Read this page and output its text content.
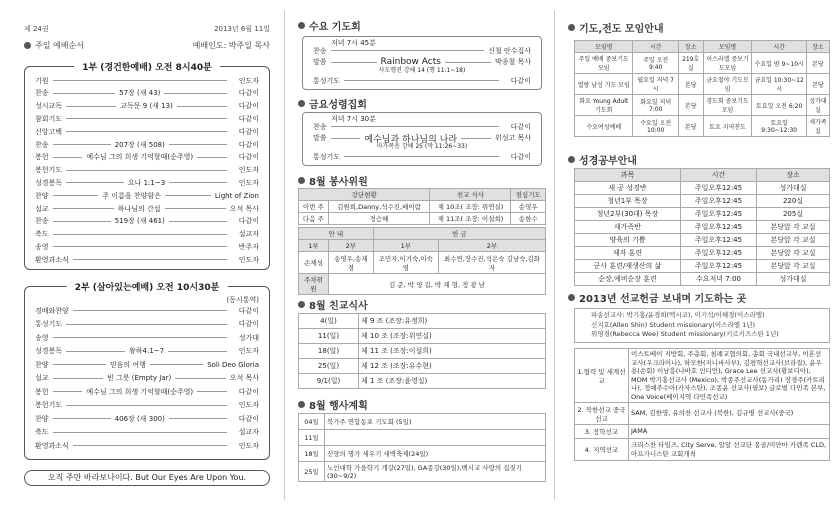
제 24권	2013년 6월 11일
주일 예배순서	예배인도: 박주일 목사
1부 (경건한예배) 오전 8시40분
기원	인도자
찬송	57장 (새 43)	다같이
성시교독	교독문 9 (새 13)	다같이
참회기도	다같이
신앙고백	다같이
찬송	207장 (새 508)	다같이
봉헌	예수님 그의 희생 기억할때(순주영)	다같이
봉헌기도	인도자
성경봉독	요나 1:1~3	인도자
찬양	주 이름을 찬양함은	Light of Zion
설교	하나님의 간섭	오석 목사
찬송	519장 (새 461)	다같이
축도	설교자
송영	반주자
환영과소식	인도자
2부 (살아있는예배) 오전 10시30분
(동시통역)
경배와찬양	다같이
통성기도	다같이
송영	성가대
성경봉독	왕하4:1~7	인도자
찬양	믿음의 여행	Soli Deo Gloria
설교	빈 그릇 (Empty Jar)	오석 목사
봉헌	예수님 그의 희생 기억할때(순주영)	다같이
봉헌기도	인도자
찬양	406장 (새 300)	다같이
축도	설교자
환영과소식	인도자
오직 주만 바라보나이다. But Our Eyes Are Upon You.
수요 기도회
저녁 7시 45분
찬송	신철 안수집사
말씀	Rainbow Acts	박종철 목사
사도행전 강해 14 (행 11:1~18)
통성기도	다같이
금요성령집회
저녁 7시 30분
찬송	다같이
말씀	예수님과 하나님의 나라	위성고 목사
마가복음 강해 25 (막 11:26~33)
통성기도	다같이
8월 봉사위원
강단현황		친교 식사	점심기도
이번 주	김원희,Danny,석수진,배이람	제 10조( 조장: 위연실)	송영우
다음 주	정승혜	제 11조( 조장: 이설희)	송한수
안 내		헌 금	
1부	2부	1부	2부
손재성	송영우,송재경	조민자,이기숙,이숙영	최수연,장수진,석은숙 김남숙,김화자
주차위원	김 준, 박 영 길, 박 재 형, 정 광 남		
8월 친교식사
4(일)	제 9 조 (조장:유정희)
11(일)	제 10 조 (조장:위연실)
18(일)	제 11 조 (조장:이설희)
25(일)	제 12 조 (조장:유수현)
9/1(일)	제 1 조 (조장:윤영실)
8월 행사계획
04일	북가주 연합동포 기도회 (5일)
11일	
18일	신앙의 명가 세우기 새벽축제(24일)
25일	노인대학 가을학기 개강(27일), GA종강(30일),백시교 사랑의 집짓기(30~9/2)
기도,전도 모임안내
모임명	시간	장소	모임명	시간	장소
주일 예배 중보기도모임	주일 오전 9:40	219호실	이스라엘 중보기도모임	수요일 밤 9~10시	본당
열방 남성 기도 모임	월요일 저녁 7시	본당	금요철야 기도모임	금요일 10:30~12시	본당
화요 Young Adult 기도회	화요일 저녁7:00	본당	경도회 중보기도모임	토요일 오전 6:20	성가대실
수요여성예배	수요일 오전 10:00	본당	토요 지역전도	토요일 9:30~12:30	세가족실
성경공부안내
과목	시간	장소
새 공 성경반	주일오후12:45	성가대실
청년1부 목장	주일오후12:45	220실
청년2부(30대) 목장	주일오후12:45	205실
새가족반	주일오후12:45	본당앞 각 교실
양육의 기쁨	주일오후12:45	본당앞 각 교실
제자 훈련	주일오후12:45	본당앞 각 교실
군사 훈련/재생산의 삶	주일오후12:45	본당앞 각 교실
순장,예비순장 훈련	수요저녁 7:00	성가대실
2013년 선교헌금 보내며 기도하는 곳
파송선교사: 박기홍/윤경희(멕시코), 이기석/이혜경(이스라엘)
신지호(Allen Shin) Student missionary(이스라엘 1년)
위영경(Rebecca Wee) Student missionary(키르키즈스탄 1년)
1.협력 및 세계선교	이스트베이 지방회, 주총회, 침례교협의회, 총회 국내선교부, 이혼선교사(우크라이나), 하모한(지니바사부), 김평혁선교사(브라질), 윤우용(순회) 이남흥(나바호 인디언), Grace Lee 선교사(황보디아), MOM 박기홍선교사 (Mexico), 박종주선교사(동가리) 장경주(카트리나), 정예주수아(카자스탄), 조종윤 선교사(필보) 글로벌 다민족 본부, One Voice(베이지역 다민족선교)
2. 북한선교 중국선교	SAM, 김한영, 유의찬 선교사 (북한), 김규병 선교사(중국)
3. 장학선교	JAMA
4. 지역선교	크리스찬 타임즈, City Serve, 알알 선교단 몽골/미얀마 카렌족 CLD, 아프가니스탄 교회개척
